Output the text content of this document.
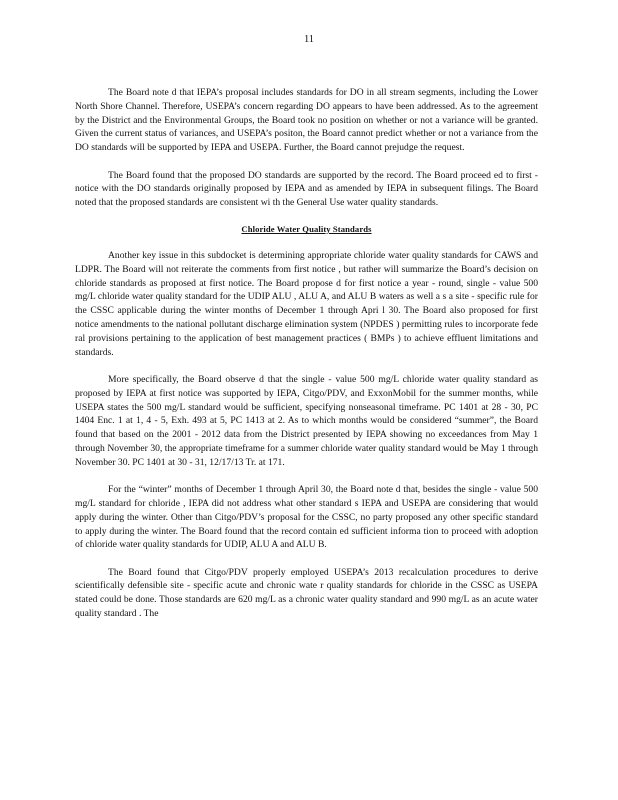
11

The Board note d that IEPA’s proposal includes standards for DO in all stream segments, including the Lower North Shore Channel. Therefore, USEPA’s concern regarding DO appears to have been addressed. As to the agreement by the District and the Environmental Groups, the Board took no position on whether or not a variance will be granted. Given the current status of variances, and USEPA’s positon, the Board cannot predict whether or not a variance from the DO standards will be supported by IEPA and USEPA. Further, the Board cannot prejudge the request.

The Board found that the proposed DO standards are supported by the record. The Board proceed ed to first - notice with the DO standards originally proposed by IEPA and as amended by IEPA in subsequent filings. The Board noted that the proposed standards are consistent wi th the General Use water quality standards.

Chloride Water Quality Standards

Another key issue in this subdocket is determining appropriate chloride water quality standards for CAWS and LDPR. The Board will not reiterate the comments from first notice , but rather will summarize the Board’s decision on chloride standards as proposed at first notice. The Board propose d for first notice a year - round, single - value 500 mg/L chloride water quality standard for the UDIP ALU , ALU A, and ALU B waters as well a s a site - specific rule for the CSSC applicable during the winter months of December 1 through Apri l 30. The Board also proposed for first notice amendments to the national pollutant discharge elimination system (NPDES ) permitting rules to incorporate fede ral provisions pertaining to the application of best management practices ( BMPs ) to achieve effluent limitations and standards.

More specifically, the Board observe d that the single - value 500 mg/L chloride water quality standard as proposed by IEPA at first notice was supported by IEPA, Citgo/PDV, and ExxonMobil for the summer months, while USEPA states the 500 mg/L standard would be sufficient, specifying nonseasonal timeframe. PC 1401 at 28 - 30, PC 1404 Enc. 1 at 1, 4 - 5, Exh. 493 at 5, PC 1413 at 2. As to which months would be considered “summer”, the Board found that based on the 2001 - 2012 data from the District presented by IEPA showing no exceedances from May 1 through November 30, the appropriate timeframe for a summer chloride water quality standard would be May 1 through November 30. PC 1401 at 30 - 31, 12/17/13 Tr. at 171.

For the “winter” months of December 1 through April 30, the Board note d that, besides the single - value 500 mg/L standard for chloride , IEPA did not address what other standard s IEPA and USEPA are considering that would apply during the winter. Other than Citgo/PDV’s proposal for the CSSC, no party proposed any other specific standard to apply during the winter. The Board found that the record contain ed sufficient informa tion to proceed with adoption of chloride water quality standards for UDIP, ALU A and ALU B.

The Board found that Citgo/PDV properly employed USEPA’s 2013 recalculation procedures to derive scientifically defensible site - specific acute and chronic wate r quality standards for chloride in the CSSC as USEPA stated could be done. Those standards are 620 mg/L as a chronic water quality standard and 990 mg/L as an acute water quality standard . The
